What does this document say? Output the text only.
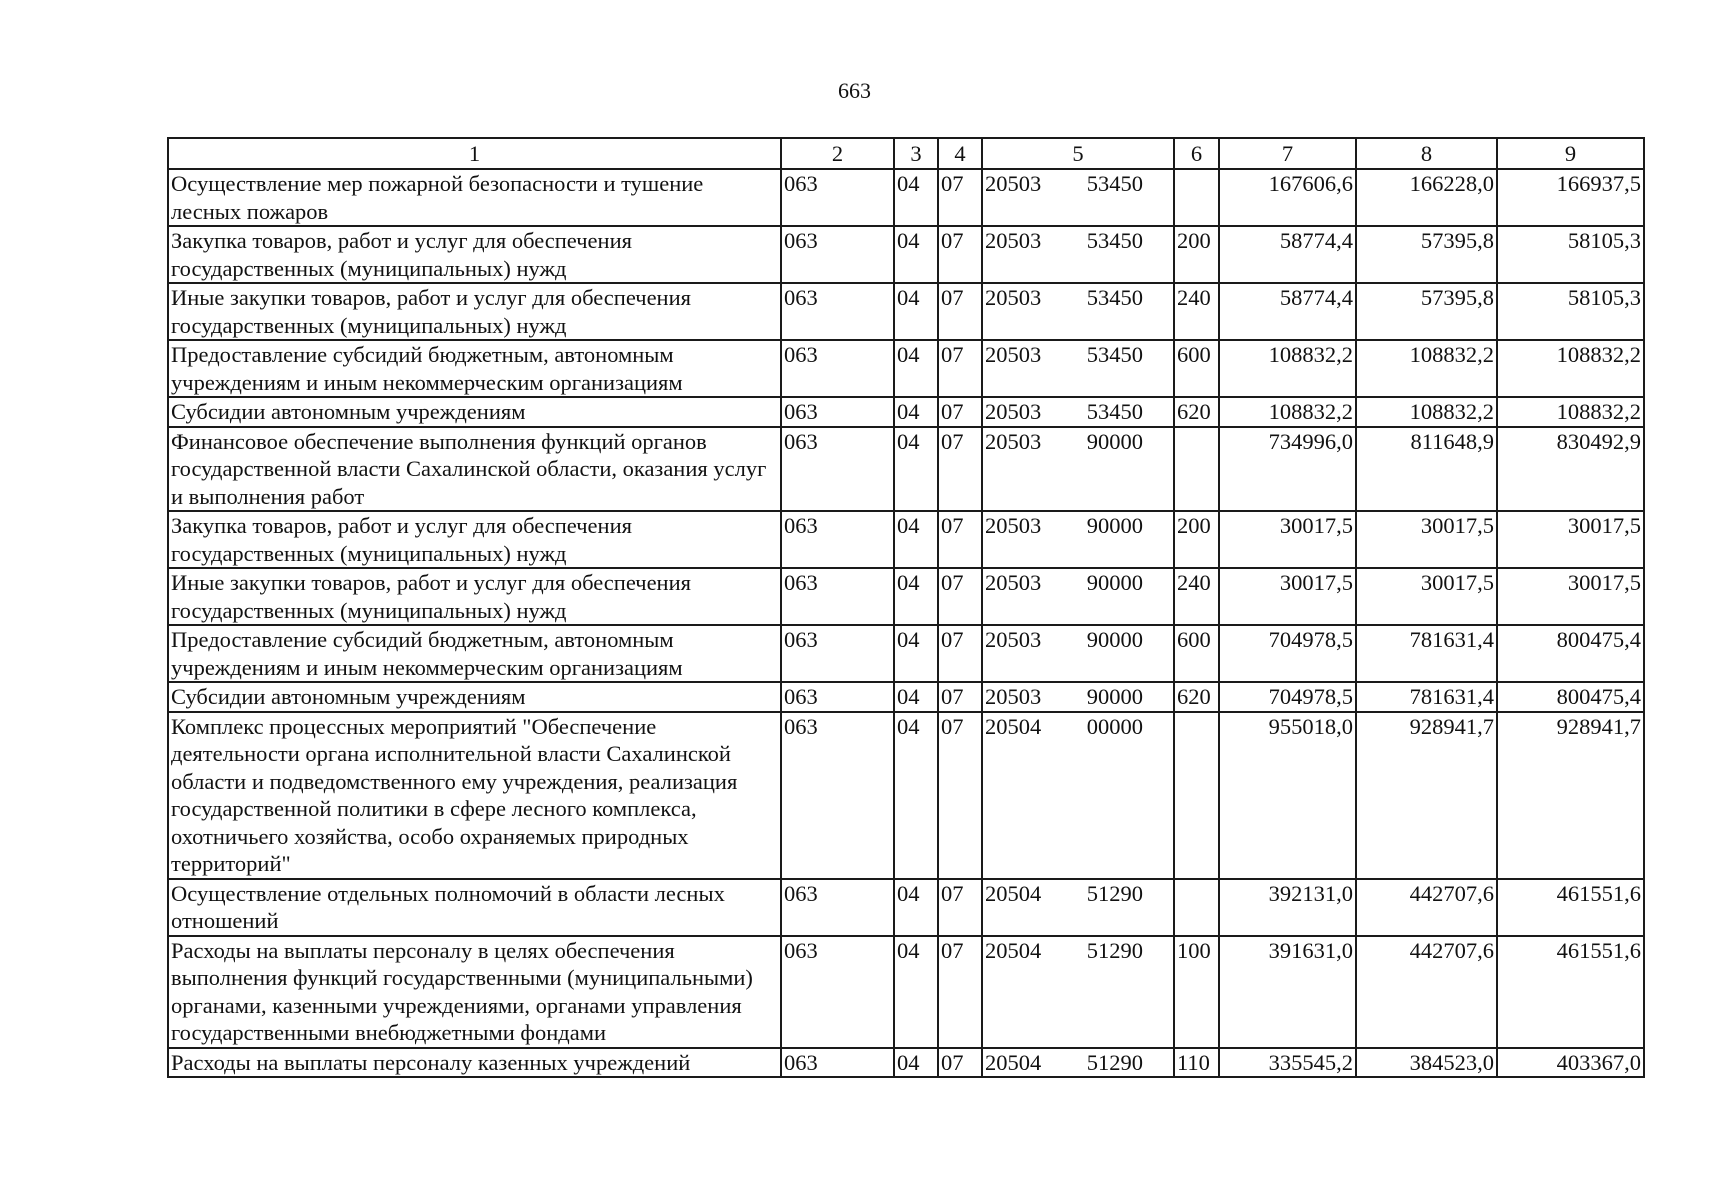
663
1	2	3	4	5	6	7	8	9
Осуществление мер пожарной безопасности и тушение лесных пожаров	063	04	07	20503 53450		167606,6	166228,0	166937,5
Закупка товаров, работ и услуг для обеспечения государственных (муниципальных) нужд	063	04	07	20503 53450	200	58774,4	57395,8	58105,3
Иные закупки товаров, работ и услуг для обеспечения государственных (муниципальных) нужд	063	04	07	20503 53450	240	58774,4	57395,8	58105,3
Предоставление субсидий бюджетным, автономным учреждениям и иным некоммерческим организациям	063	04	07	20503 53450	600	108832,2	108832,2	108832,2
Субсидии автономным учреждениям	063	04	07	20503 53450	620	108832,2	108832,2	108832,2
Финансовое обеспечение выполнения функций органов государственной власти Сахалинской области, оказания услуг и выполнения работ	063	04	07	20503 90000		734996,0	811648,9	830492,9
Закупка товаров, работ и услуг для обеспечения государственных (муниципальных) нужд	063	04	07	20503 90000	200	30017,5	30017,5	30017,5
Иные закупки товаров, работ и услуг для обеспечения государственных (муниципальных) нужд	063	04	07	20503 90000	240	30017,5	30017,5	30017,5
Предоставление субсидий бюджетным, автономным учреждениям и иным некоммерческим организациям	063	04	07	20503 90000	600	704978,5	781631,4	800475,4
Субсидии автономным учреждениям	063	04	07	20503 90000	620	704978,5	781631,4	800475,4
Комплекс процессных мероприятий "Обеспечение деятельности органа исполнительной власти Сахалинской области и подведомственного ему учреждения, реализация государственной политики в сфере лесного комплекса, охотничьего хозяйства, особо охраняемых природных территорий"	063	04	07	20504 00000		955018,0	928941,7	928941,7
Осуществление отдельных полномочий в области лесных отношений	063	04	07	20504 51290		392131,0	442707,6	461551,6
Расходы на выплаты персоналу в целях обеспечения выполнения функций государственными (муниципальными) органами, казенными учреждениями, органами управления государственными внебюджетными фондами	063	04	07	20504 51290	100	391631,0	442707,6	461551,6
Расходы на выплаты персоналу казенных учреждений	063	04	07	20504 51290	110	335545,2	384523,0	403367,0
